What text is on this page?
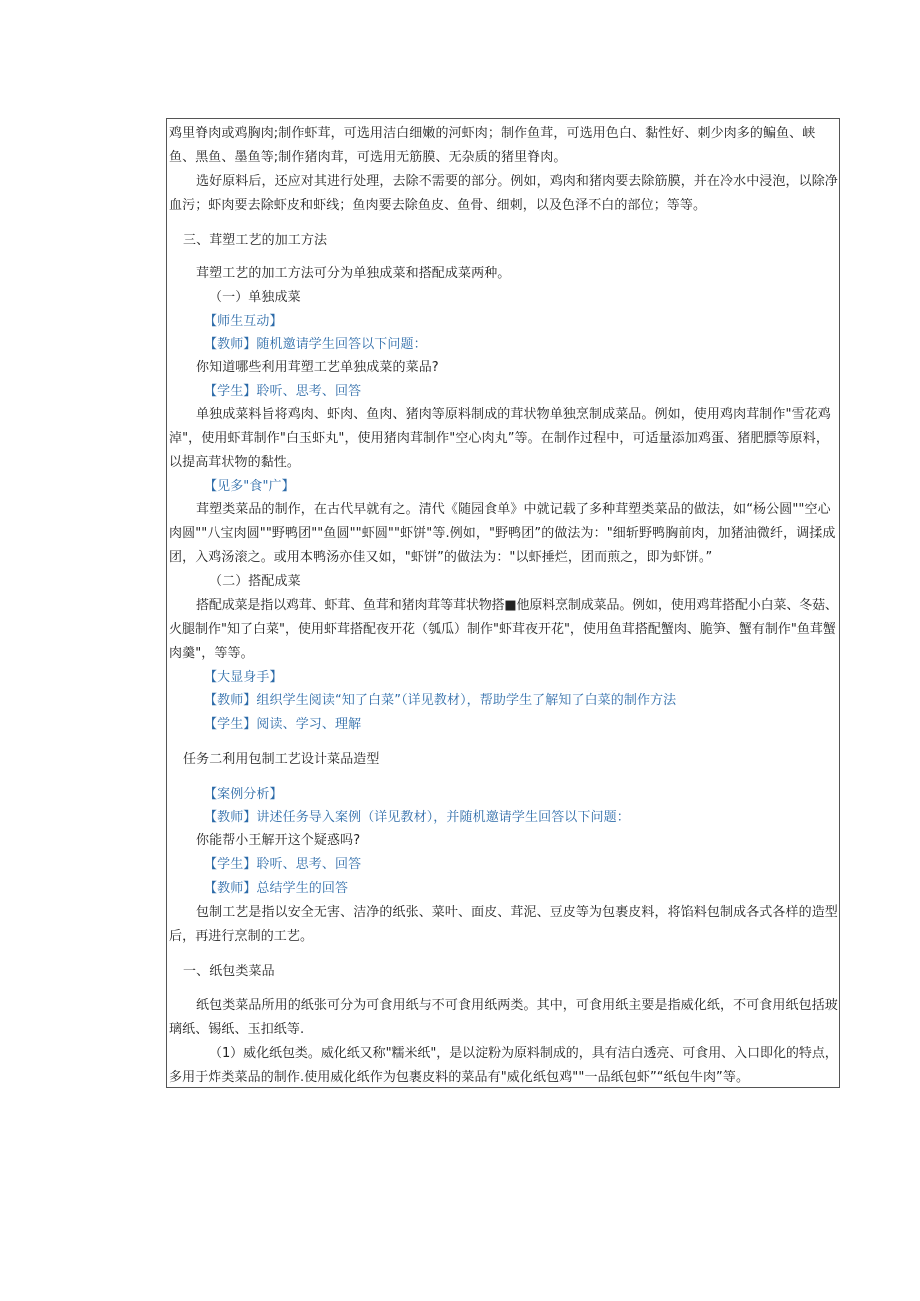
鸡里脊肉或鸡胸肉;制作虾茸，可选用洁白细嫩的河虾肉；制作鱼茸，可选用色白、黏性好、刺少肉多的鳊鱼、峡
鱼、黑鱼、墨鱼等;制作猪肉茸，可选用无筋膜、无杂质的猪里脊肉。
选好原料后，还应对其进行处理，去除不需要的部分。例如，鸡肉和猪肉要去除筋膜，并在冷水中浸泡，以除净
血污；虾肉要去除虾皮和虾线；鱼肉要去除鱼皮、鱼骨、细刺，以及色泽不白的部位；等等。
三、茸塑工艺的加工方法
茸塑工艺的加工方法可分为单独成菜和搭配成菜两种。
（一）单独成菜
【师生互动】
【教师】随机邀请学生回答以下问题：
你知道哪些利用茸塑工艺单独成菜的菜品?
【学生】聆听、思考、回答
单独成菜料旨将鸡肉、虾肉、鱼肉、猪肉等原料制成的茸状物单独烹制成菜品。例如，使用鸡肉茸制作"雪花鸡
淖"，使用虾茸制作"白玉虾丸"，使用猪肉茸制作"空心肉丸”等。在制作过程中，可适量添加鸡蛋、猪肥膘等原料，
以提高茸状物的黏性。
【见多"食"广】
茸塑类菜品的制作，在古代早就有之。清代《随园食单》中就记载了多种茸塑类菜品的做法，如“杨公圆""空心
肉圆""八宝肉圆""野鸭团""鱼圆""虾圆""虾饼"等.例如，"野鸭团”的做法为："细斩野鸭胸前肉，加猪油微纤，调揉成
团，入鸡汤滚之。或用本鸭汤亦佳又如，"虾饼”的做法为："以虾捶烂，团而煎之，即为虾饼。”
（二）搭配成菜
搭配成菜是指以鸡茸、虾茸、鱼茸和猪肉茸等茸状物搭■他原料烹制成菜品。例如，使用鸡茸搭配小白菜、冬菇、
火腿制作"知了白菜"，使用虾茸搭配夜开花（瓠瓜）制作"虾茸夜开花"，使用鱼茸搭配蟹肉、脆笋、蟹有制作"鱼茸蟹
肉羹"，等等。
【大显身手】
【教师】组织学生阅读“知了白菜”（详见教材），帮助学生了解知了白菜的制作方法
【学生】阅读、学习、理解
任务二利用包制工艺设计菜品造型
【案例分析】
【教师】讲述任务导入案例（详见教材），并随机邀请学生回答以下问题：
你能帮小王解开这个疑惑吗?
【学生】聆听、思考、回答
【教师】总结学生的回答
包制工艺是指以安全无害、洁净的纸张、菜叶、面皮、茸泥、豆皮等为包裹皮料，将馅料包制成各式各样的造型
后，再进行烹制的工艺。
一、纸包类菜品
纸包类菜品所用的纸张可分为可食用纸与不可食用纸两类。其中，可食用纸主要是指威化纸，不可食用纸包括玻
璃纸、锡纸、玉扣纸等.
（1）威化纸包类。威化纸又称"糯米纸"，是以淀粉为原料制成的，具有洁白透亮、可食用、入口即化的特点，
多用于炸类菜品的制作.使用威化纸作为包裹皮料的菜品有"威化纸包鸡""一品纸包虾”“纸包牛肉”等。
